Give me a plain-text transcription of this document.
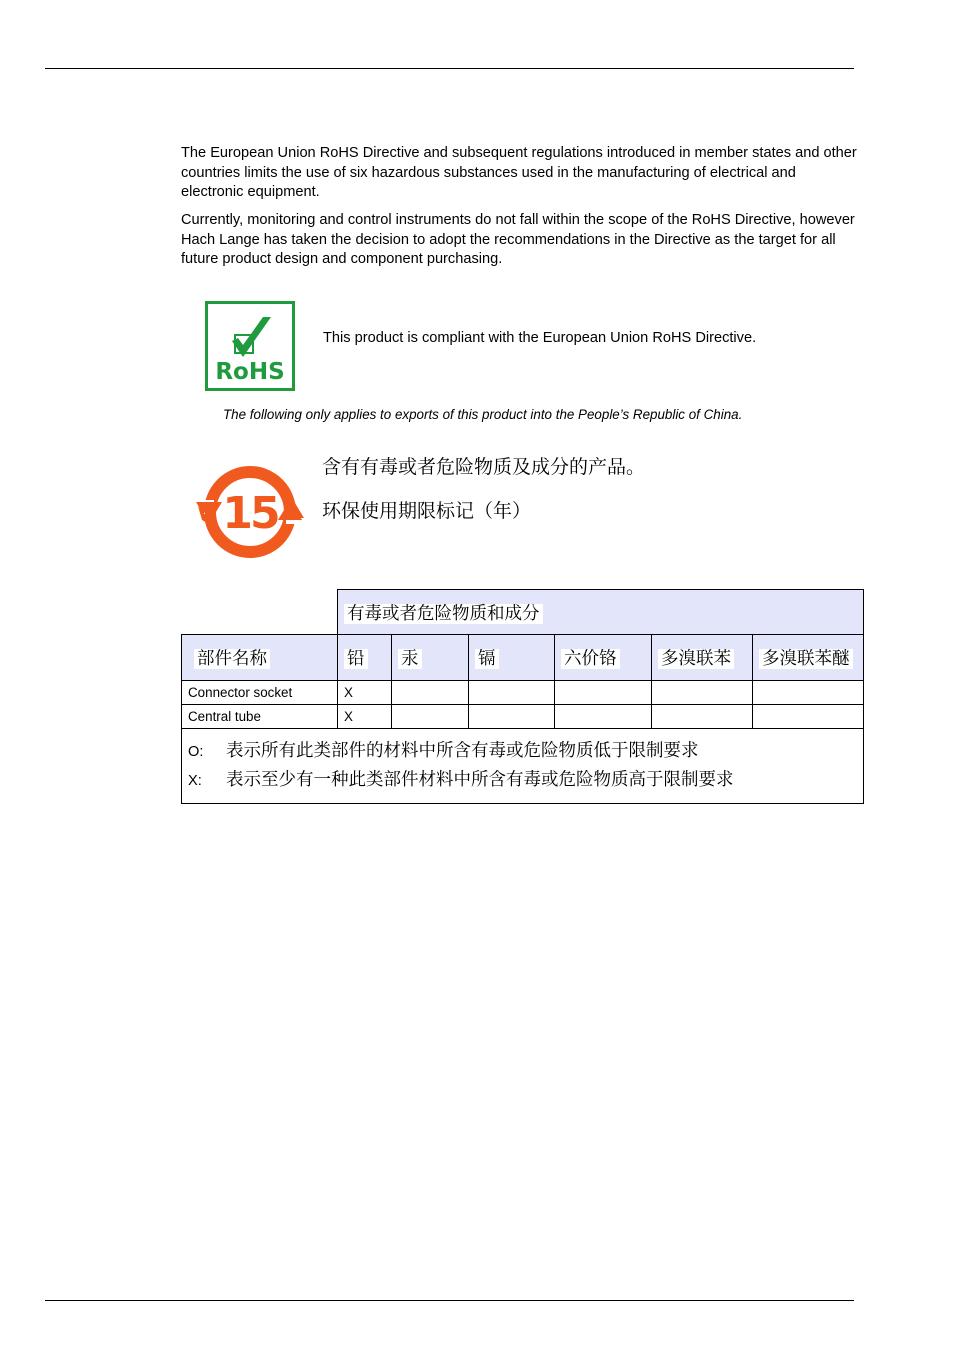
The European Union RoHS Directive and subsequent regulations introduced in member states and other countries limits the use of six hazardous substances used in the manufacturing of electrical and electronic equipment.

Currently, monitoring and control instruments do not fall within the scope of the RoHS Directive, however Hach Lange has taken the decision to adopt the recommendations in the Directive as the target for all future product design and component purchasing.

RoHS
This product is compliant with the European Union RoHS Directive.
The following only applies to exports of this product into the People’s Republic of China.
15
含有有毒或者危险物质及成分的产品。
环保使用期限标记（年）
	有毒或者危险物质和成分					
部件名称	铅	汞	镉	六价铬	多溴联苯	多溴联苯醚
Connector socket	X					
Central tube	X					

O: 表示所有此类部件的材料中所含有毒或危险物质低于限制要求
X: 表示至少有一种此类部件材料中所含有毒或危险物质高于限制要求						
